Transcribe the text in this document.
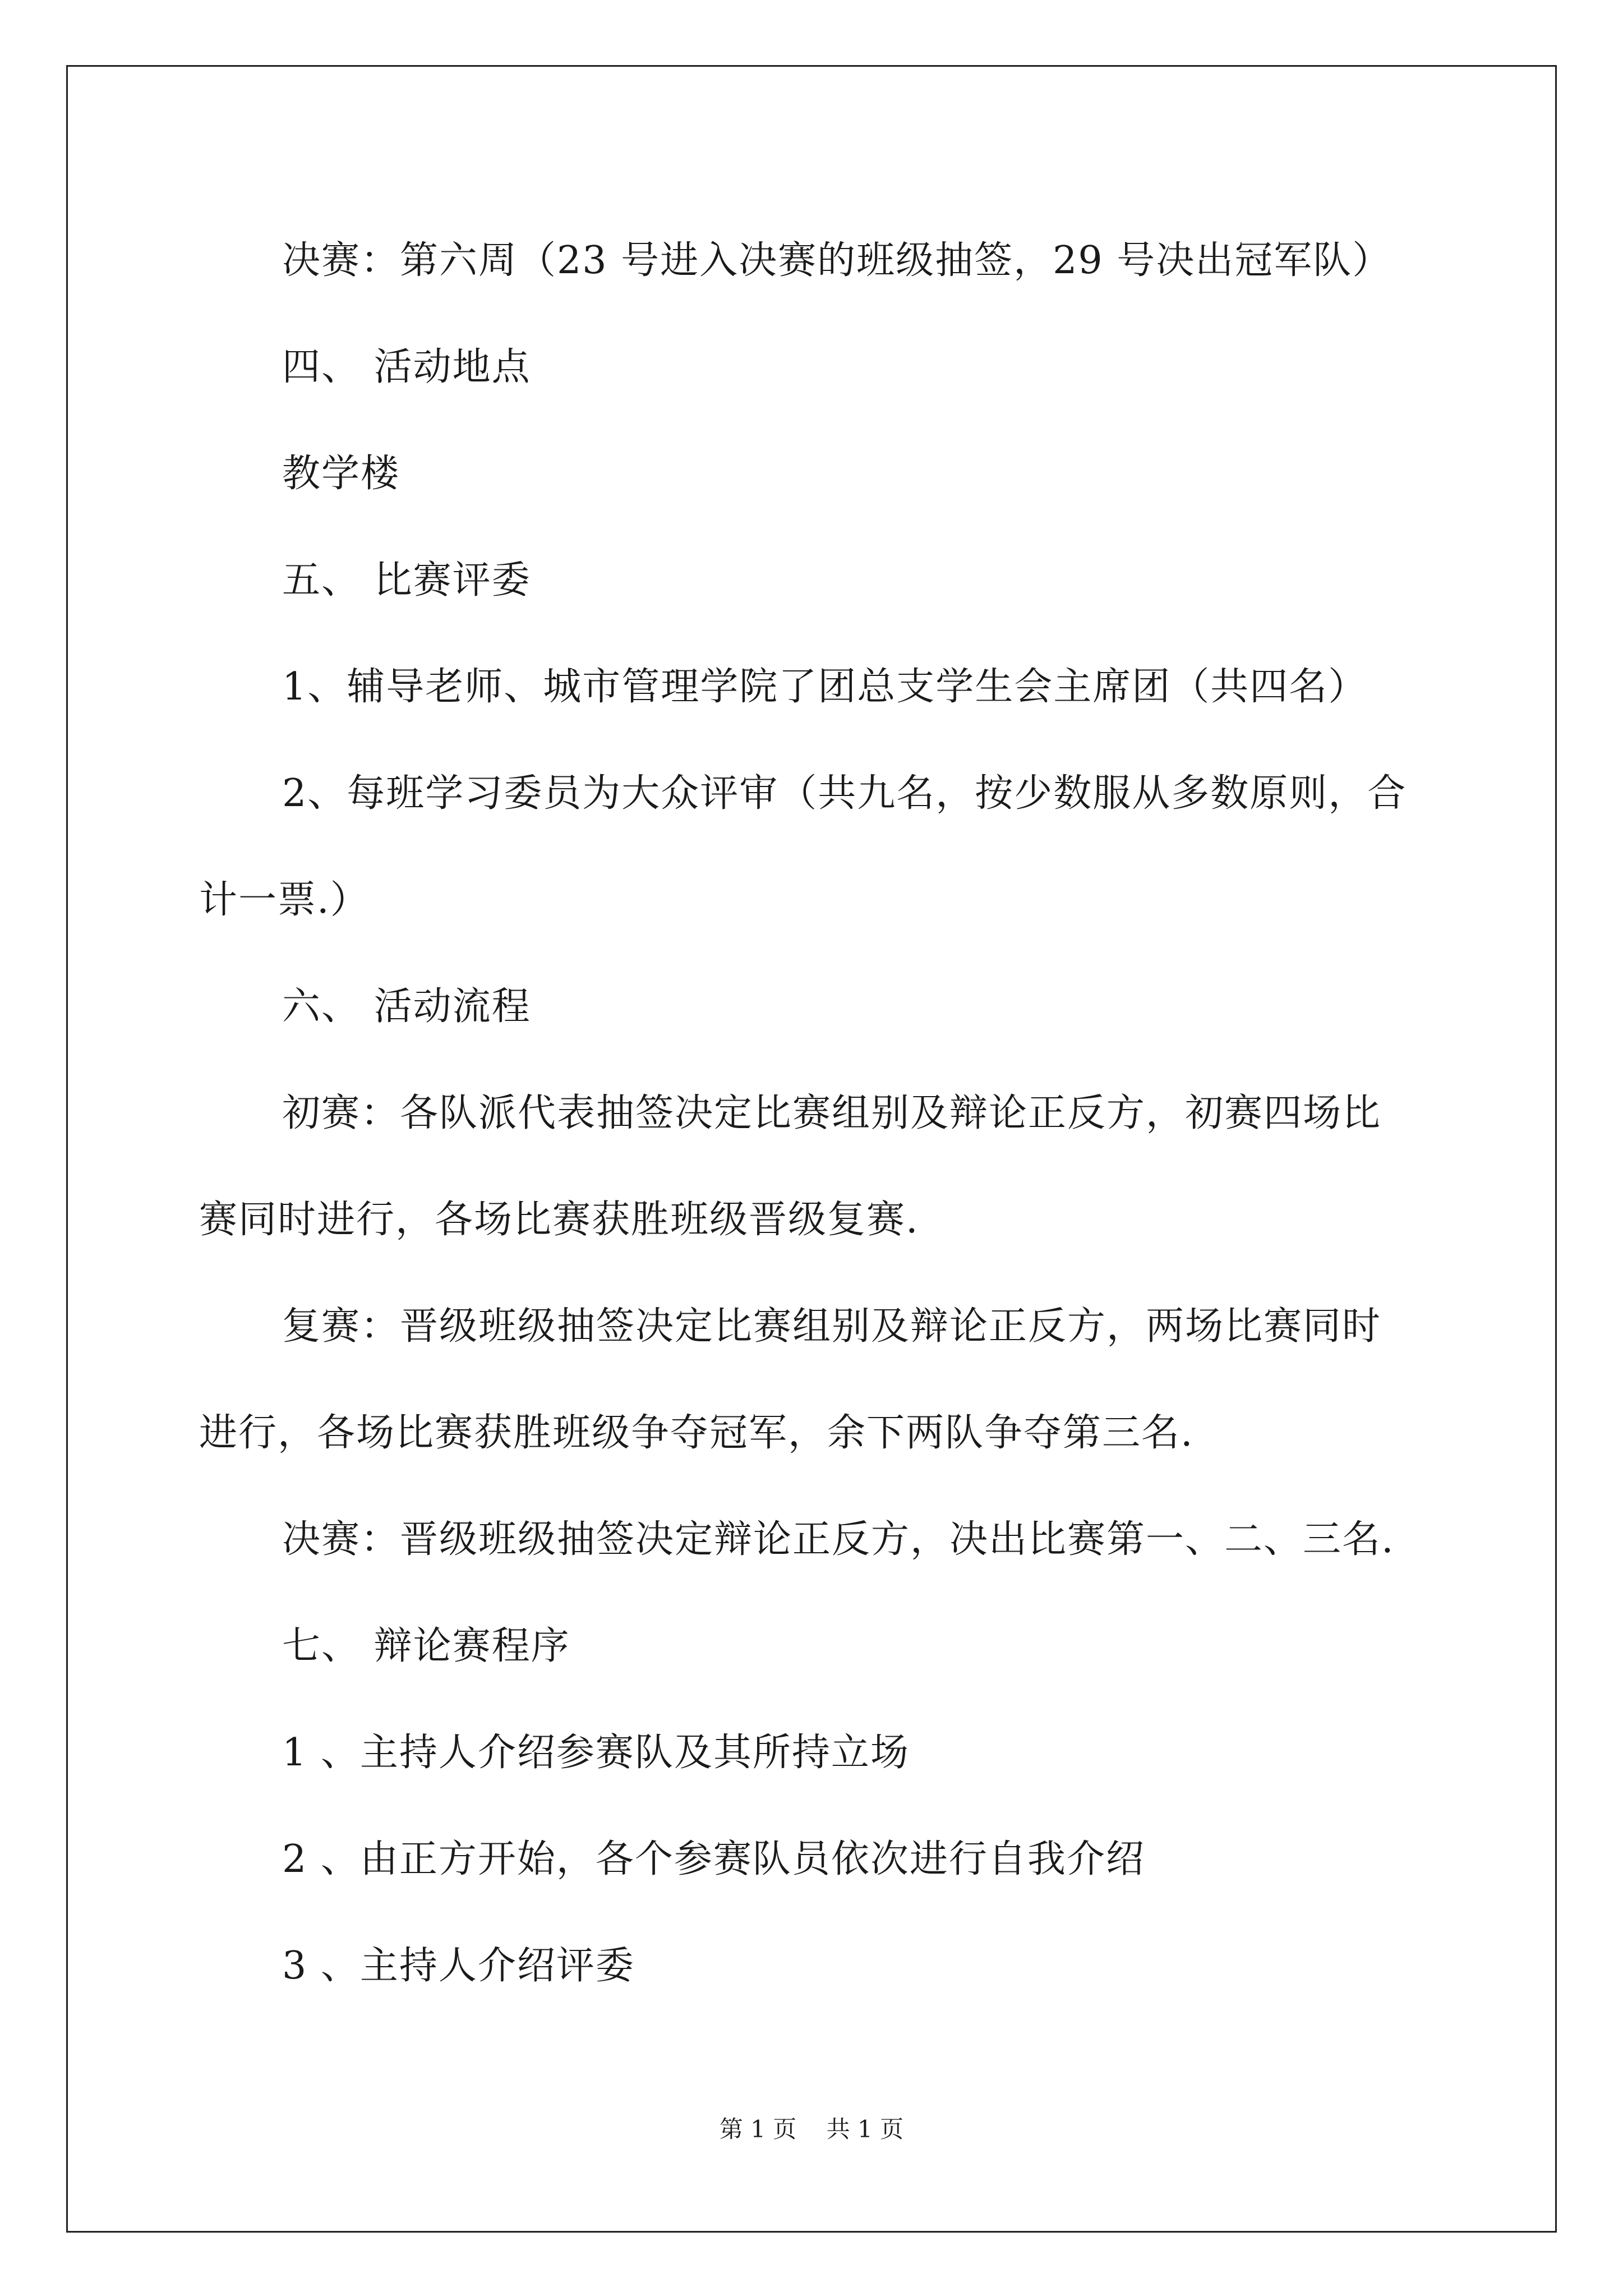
决赛：第六周（23 号进入决赛的班级抽签，29 号决出冠军队）
四、 活动地点
教学楼
五、 比赛评委
1、辅导老师、城市管理学院了团总支学生会主席团（共四名）
2、每班学习委员为大众评审（共九名，按少数服从多数原则，合
计一票.）
六、 活动流程
初赛：各队派代表抽签决定比赛组别及辩论正反方，初赛四场比
赛同时进行，各场比赛获胜班级晋级复赛.
复赛：晋级班级抽签决定比赛组别及辩论正反方，两场比赛同时
进行，各场比赛获胜班级争夺冠军，余下两队争夺第三名.
决赛：晋级班级抽签决定辩论正反方，决出比赛第一、二、三名.
七、 辩论赛程序
1 、主持人介绍参赛队及其所持立场
2 、由正方开始，各个参赛队员依次进行自我介绍
3 、主持人介绍评委
第 1 页 共 1 页
